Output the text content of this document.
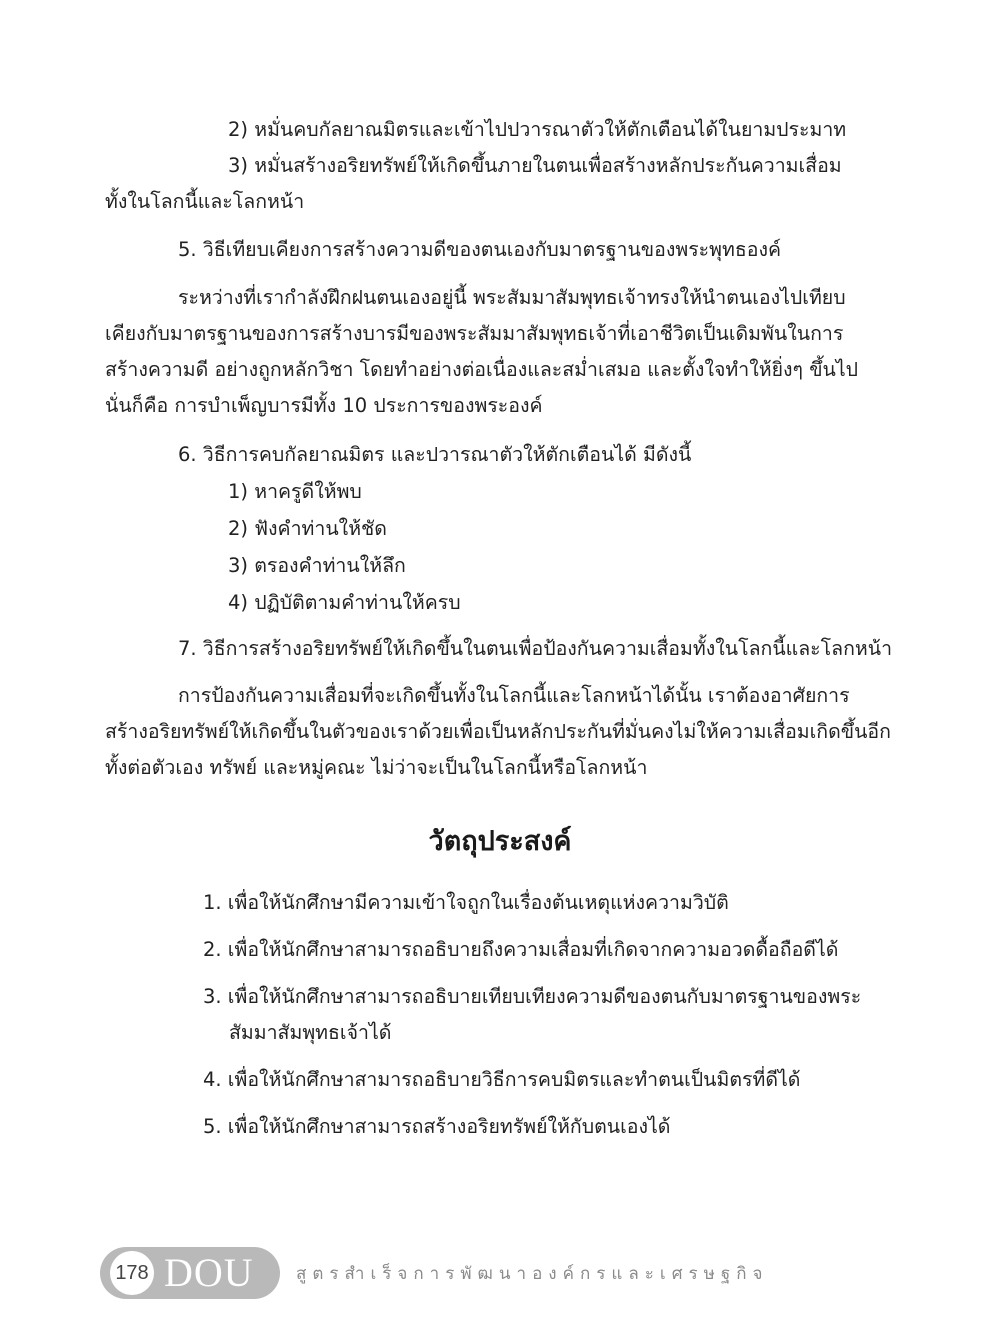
2) หมั่นคบกัลยาณมิตรและเข้าไปปวารณาตัวให้ตักเตือนได้ในยามประมาท
3) หมั่นสร้างอริยทรัพย์ให้เกิดขึ้นภายในตนเพื่อสร้างหลักประกันความเสื่อม
ทั้งในโลกนี้และโลกหน้า
5. วิธีเทียบเคียงการสร้างความดีของตนเองกับมาตรฐานของพระพุทธองค์
ระหว่างที่เรากำลังฝึกฝนตนเองอยู่นี้ พระสัมมาสัมพุทธเจ้าทรงให้นำตนเองไปเทียบ
เคียงกับมาตรฐานของการสร้างบารมีของพระสัมมาสัมพุทธเจ้าที่เอาชีวิตเป็นเดิมพันในการ
สร้างความดี อย่างถูกหลักวิชา โดยทำอย่างต่อเนื่องและสม่ำเสมอ และตั้งใจทำให้ยิ่งๆ ขึ้นไป
นั่นก็คือ การบำเพ็ญบารมีทั้ง 10 ประการของพระองค์
6. วิธีการคบกัลยาณมิตร และปวารณาตัวให้ตักเตือนได้ มีดังนี้
1) หาครูดีให้พบ
2) ฟังคำท่านให้ชัด
3) ตรองคำท่านให้ลึก
4) ปฏิบัติตามคำท่านให้ครบ
7. วิธีการสร้างอริยทรัพย์ให้เกิดขึ้นในตนเพื่อป้องกันความเสื่อมทั้งในโลกนี้และโลกหน้า
การป้องกันความเสื่อมที่จะเกิดขึ้นทั้งในโลกนี้และโลกหน้าได้นั้น เราต้องอาศัยการ
สร้างอริยทรัพย์ให้เกิดขึ้นในตัวของเราด้วยเพื่อเป็นหลักประกันที่มั่นคงไม่ให้ความเสื่อมเกิดขึ้นอีก
ทั้งต่อตัวเอง ทรัพย์ และหมู่คณะ ไม่ว่าจะเป็นในโลกนี้หรือโลกหน้า
วัตถุประสงค์
1. เพื่อให้นักศึกษามีความเข้าใจถูกในเรื่องต้นเหตุแห่งความวิบัติ
2. เพื่อให้นักศึกษาสามารถอธิบายถึงความเสื่อมที่เกิดจากความอวดดื้อถือดีได้
3. เพื่อให้นักศึกษาสามารถอธิบายเทียบเทียงความดีของตนกับมาตรฐานของพระ
สัมมาสัมพุทธเจ้าได้
4. เพื่อให้นักศึกษาสามารถอธิบายวิธีการคบมิตรและทำตนเป็นมิตรที่ดีได้
5. เพื่อให้นักศึกษาสามารถสร้างอริยทรัพย์ให้กับตนเองได้
178 DOU สูตรสำเร็จการพัฒนาองค์กรและเศรษฐกิจ
